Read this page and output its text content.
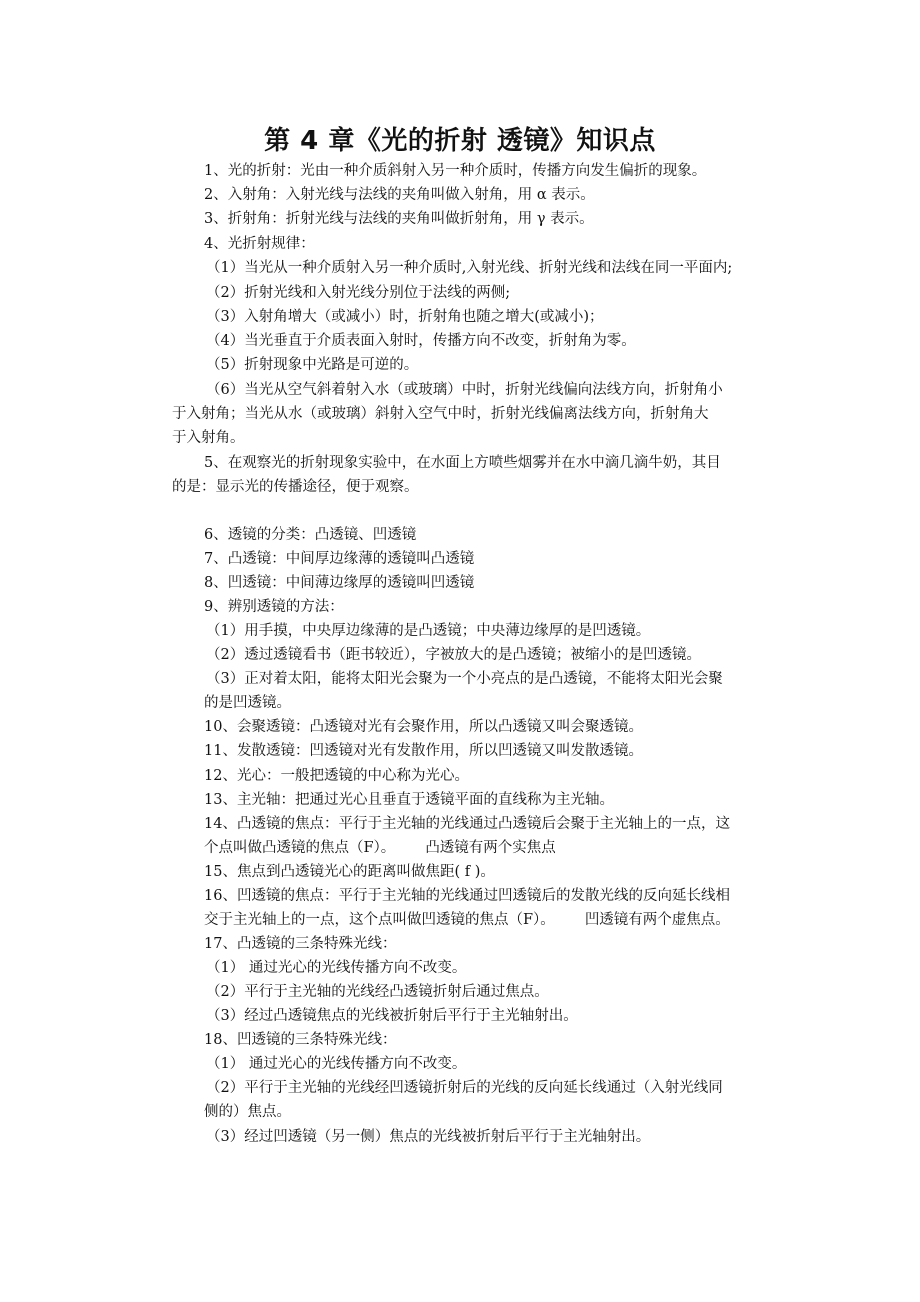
第 4 章《光的折射 透镜》知识点
1、光的折射：光由一种介质斜射入另一种介质时，传播方向发生偏折的现象。
2、入射角：入射光线与法线的夹角叫做入射角，用 α 表示。
3、折射角：折射光线与法线的夹角叫做折射角，用 γ 表示。
4、光折射规律：
（1）当光从一种介质射入另一种介质时,入射光线、折射光线和法线在同一平面内;
（2）折射光线和入射光线分别位于法线的两侧;
（3）入射角增大（或减小）时，折射角也随之增大(或减小)；
（4）当光垂直于介质表面入射时，传播方向不改变，折射角为零。
（5）折射现象中光路是可逆的。
（6）当光从空气斜着射入水（或玻璃）中时，折射光线偏向法线方向，折射角小
于入射角；当光从水（或玻璃）斜射入空气中时，折射光线偏离法线方向，折射角大
于入射角。
5、在观察光的折射现象实验中，在水面上方喷些烟雾并在水中滴几滴牛奶，其目
的是：显示光的传播途径，便于观察。
6、透镜的分类：凸透镜、凹透镜
7、凸透镜：中间厚边缘薄的透镜叫凸透镜
8、凹透镜：中间薄边缘厚的透镜叫凹透镜
9、辨别透镜的方法：
（1）用手摸，中央厚边缘薄的是凸透镜；中央薄边缘厚的是凹透镜。
（2）透过透镜看书（距书较近），字被放大的是凸透镜；被缩小的是凹透镜。
（3）正对着太阳，能将太阳光会聚为一个小亮点的是凸透镜，不能将太阳光会聚
的是凹透镜。
10、会聚透镜：凸透镜对光有会聚作用，所以凸透镜又叫会聚透镜。
11、发散透镜：凹透镜对光有发散作用，所以凹透镜又叫发散透镜。
12、光心：一般把透镜的中心称为光心。
13、主光轴：把通过光心且垂直于透镜平面的直线称为主光轴。
14、凸透镜的焦点：平行于主光轴的光线通过凸透镜后会聚于主光轴上的一点，这
个点叫做凸透镜的焦点（F）。 凸透镜有两个实焦点
15、焦点到凸透镜光心的距离叫做焦距( f )。
16、凹透镜的焦点：平行于主光轴的光线通过凹透镜后的发散光线的反向延长线相
交于主光轴上的一点，这个点叫做凹透镜的焦点（F）。 凹透镜有两个虚焦点。
17、凸透镜的三条特殊光线：
（1） 通过光心的光线传播方向不改变。
（2）平行于主光轴的光线经凸透镜折射后通过焦点。
（3）经过凸透镜焦点的光线被折射后平行于主光轴射出。
18、凹透镜的三条特殊光线：
（1） 通过光心的光线传播方向不改变。
（2）平行于主光轴的光线经凹透镜折射后的光线的反向延长线通过（入射光线同
侧的）焦点。
（3）经过凹透镜（另一侧）焦点的光线被折射后平行于主光轴射出。
